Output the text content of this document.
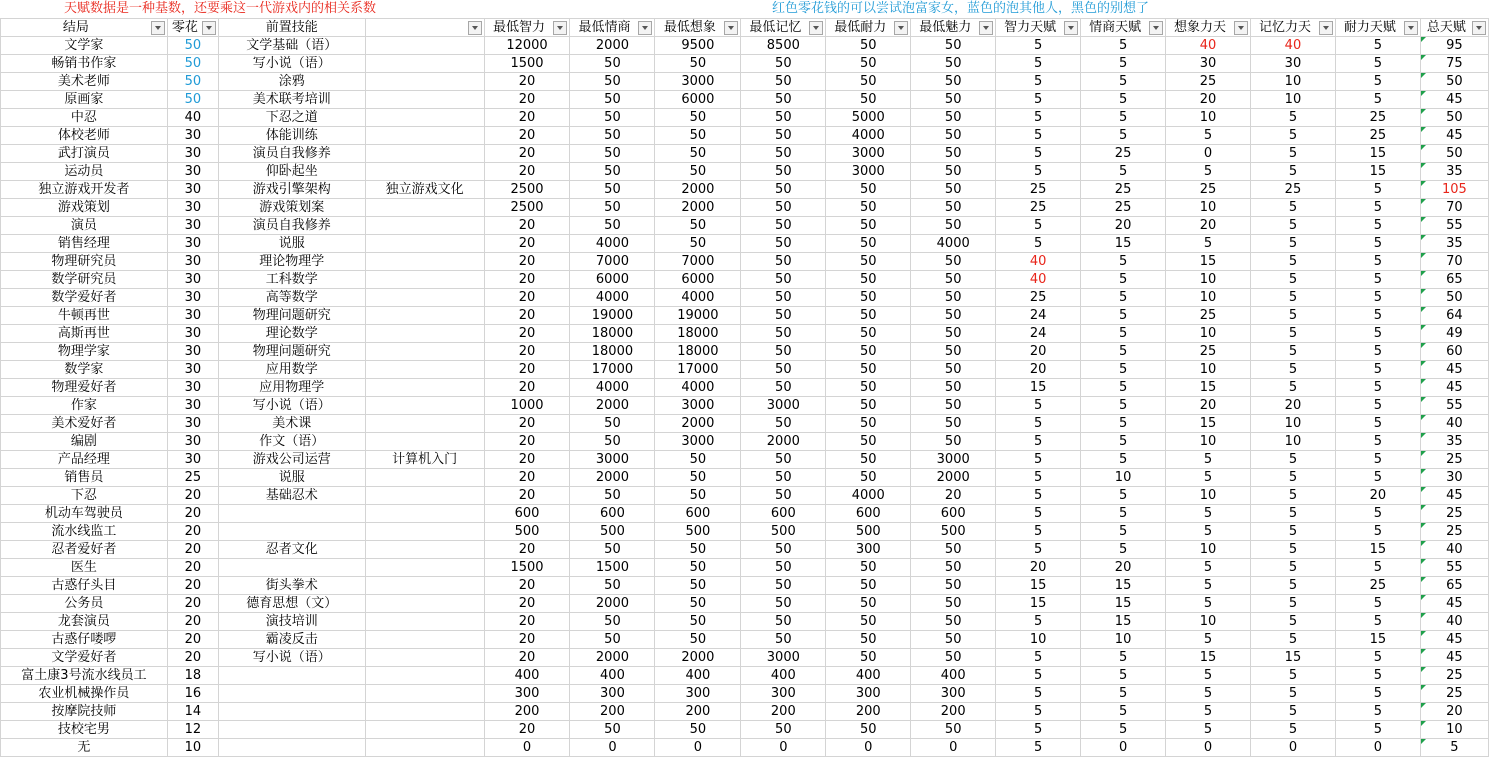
天赋数据是一种基数，还要乘这一代游戏内的相关系数	红色零花钱的可以尝试泡富家女，蓝色的泡其他人，黑色的别想了
结局	零花	前置技能		最低智力	最低情商	最低想象	最低记忆	最低耐力	最低魅力	智力天赋	情商天赋	想象力天	记忆力天	耐力天赋	总天赋

文学家	50	文学基础（语）		12000	2000	9500	8500	50	50	5	5	40	40	5	95
畅销书作家	50	写小说（语）		1500	50	50	50	50	50	5	5	30	30	5	75
美术老师	50	涂鸦		20	50	3000	50	50	50	5	5	25	10	5	50
原画家	50	美术联考培训		20	50	6000	50	50	50	5	5	20	10	5	45
中忍	40	下忍之道		20	50	50	50	5000	50	5	5	10	5	25	50
体校老师	30	体能训练		20	50	50	50	4000	50	5	5	5	5	25	45
武打演员	30	演员自我修养		20	50	50	50	3000	50	5	25	0	5	15	50
运动员	30	仰卧起坐		20	50	50	50	3000	50	5	5	5	5	15	35
独立游戏开发者	30	游戏引擎架构	独立游戏文化	2500	50	2000	50	50	50	25	25	25	25	5	105
游戏策划	30	游戏策划案		2500	50	2000	50	50	50	25	25	10	5	5	70
演员	30	演员自我修养		20	50	50	50	50	50	5	20	20	5	5	55
销售经理	30	说服		20	4000	50	50	50	4000	5	15	5	5	5	35
物理研究员	30	理论物理学		20	7000	7000	50	50	50	40	5	15	5	5	70
数学研究员	30	工科数学		20	6000	6000	50	50	50	40	5	10	5	5	65
数学爱好者	30	高等数学		20	4000	4000	50	50	50	25	5	10	5	5	50
牛顿再世	30	物理问题研究		20	19000	19000	50	50	50	24	5	25	5	5	64
高斯再世	30	理论数学		20	18000	18000	50	50	50	24	5	10	5	5	49
物理学家	30	物理问题研究		20	18000	18000	50	50	50	20	5	25	5	5	60
数学家	30	应用数学		20	17000	17000	50	50	50	20	5	10	5	5	45
物理爱好者	30	应用物理学		20	4000	4000	50	50	50	15	5	15	5	5	45
作家	30	写小说（语）		1000	2000	3000	3000	50	50	5	5	20	20	5	55
美术爱好者	30	美术课		20	50	2000	50	50	50	5	5	15	10	5	40
编剧	30	作文（语）		20	50	3000	2000	50	50	5	5	10	10	5	35
产品经理	30	游戏公司运营	计算机入门	20	3000	50	50	50	3000	5	5	5	5	5	25
销售员	25	说服		20	2000	50	50	50	2000	5	10	5	5	5	30
下忍	20	基础忍术		20	50	50	50	4000	20	5	5	10	5	20	45
机动车驾驶员	20			600	600	600	600	600	600	5	5	5	5	5	25
流水线监工	20			500	500	500	500	500	500	5	5	5	5	5	25
忍者爱好者	20	忍者文化		20	50	50	50	300	50	5	5	10	5	15	40
医生	20			1500	1500	50	50	50	50	20	20	5	5	5	55
古惑仔头目	20	街头拳术		20	50	50	50	50	50	15	15	5	5	25	65
公务员	20	德育思想（文）		20	2000	50	50	50	50	15	15	5	5	5	45
龙套演员	20	演技培训		20	50	50	50	50	50	5	15	10	5	5	40
古惑仔喽啰	20	霸凌反击		20	50	50	50	50	50	10	10	5	5	15	45
文学爱好者	20	写小说（语）		20	2000	2000	3000	50	50	5	5	15	15	5	45
富土康3号流水线员工	18			400	400	400	400	400	400	5	5	5	5	5	25
农业机械操作员	16			300	300	300	300	300	300	5	5	5	5	5	25
按摩院技师	14			200	200	200	200	200	200	5	5	5	5	5	20
技校宅男	12			20	50	50	50	50	50	5	5	5	5	5	10
无	10			0	0	0	0	0	0	5	0	0	0	0	5
